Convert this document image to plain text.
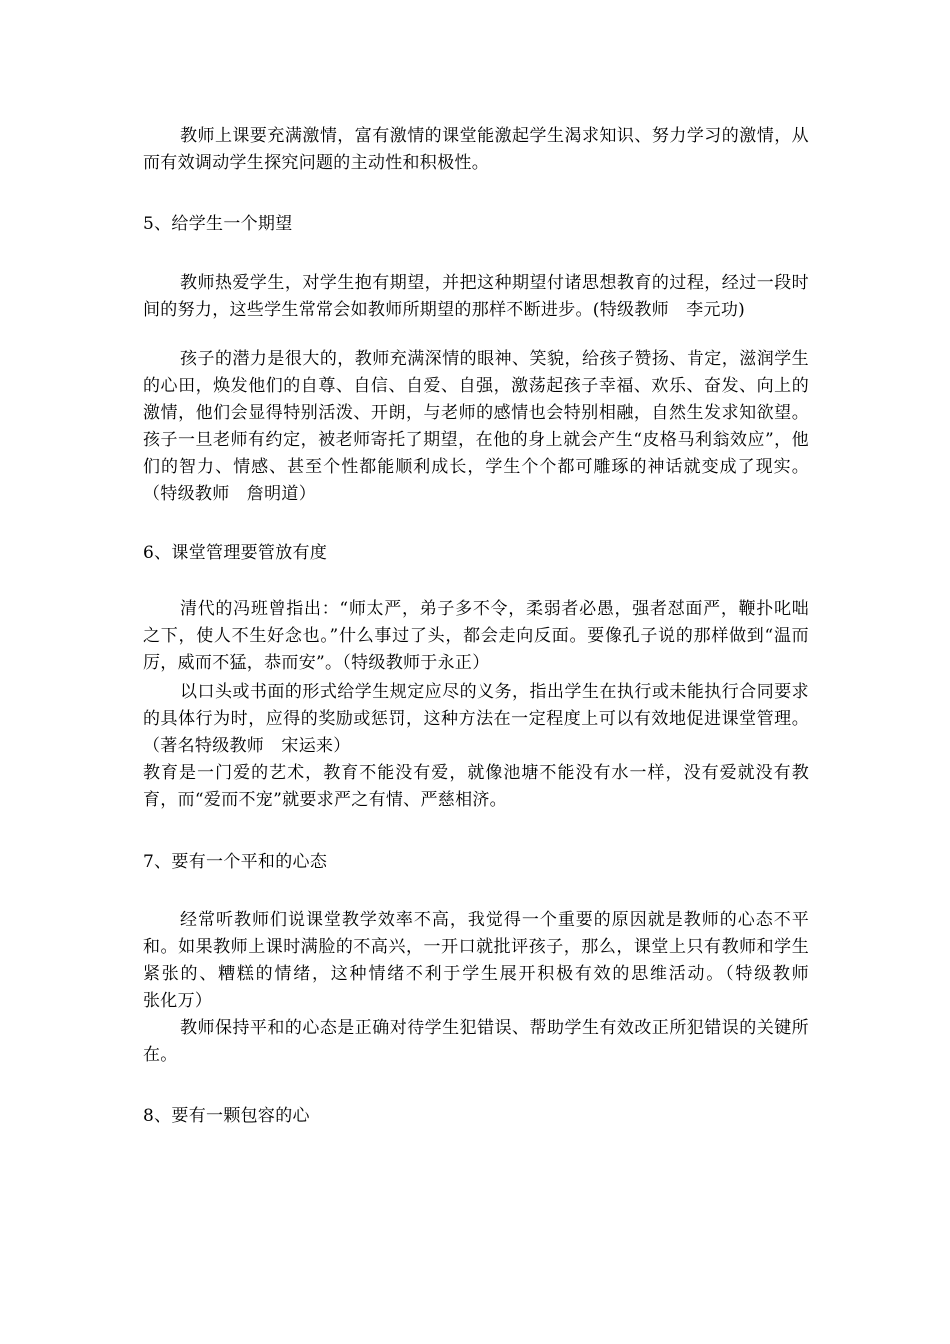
教师上课要充满激情，富有激情的课堂能激起学生渴求知识、努力学习的激情，从而有效调动学生探究问题的主动性和积极性。

5、给学生一个期望

教师热爱学生，对学生抱有期望，并把这种期望付诸思想教育的过程，经过一段时间的努力，这些学生常常会如教师所期望的那样不断进步。(特级教师　李元功)

孩子的潜力是很大的，教师充满深情的眼神、笑貌，给孩子赞扬、肯定，滋润学生的心田，焕发他们的自尊、自信、自爱、自强，激荡起孩子幸福、欢乐、奋发、向上的激情，他们会显得特别活泼、开朗，与老师的感情也会特别相融，自然生发求知欲望。孩子一旦老师有约定，被老师寄托了期望，在他的身上就会产生“皮格马利翁效应”，他们的智力、情感、甚至个性都能顺利成长，学生个个都可雕琢的神话就变成了现实。（特级教师　詹明道）

6、课堂管理要管放有度

清代的冯班曾指出：“师太严，弟子多不令，柔弱者必愚，强者怼面严，鞭扑叱咄之下，使人不生好念也。”什么事过了头，都会走向反面。要像孔子说的那样做到“温而厉，威而不猛，恭而安”。（特级教师于永正）

以口头或书面的形式给学生规定应尽的义务，指出学生在执行或未能执行合同要求的具体行为时，应得的奖励或惩罚，这种方法在一定程度上可以有效地促进课堂管理。（著名特级教师　宋运来）

教育是一门爱的艺术，教育不能没有爱，就像池塘不能没有水一样，没有爱就没有教育，而“爱而不宠”就要求严之有情、严慈相济。

7、要有一个平和的心态

经常听教师们说课堂教学效率不高，我觉得一个重要的原因就是教师的心态不平和。如果教师上课时满脸的不高兴，一开口就批评孩子，那么，课堂上只有教师和学生紧张的、糟糕的情绪，这种情绪不利于学生展开积极有效的思维活动。（特级教师　　张化万）

教师保持平和的心态是正确对待学生犯错误、帮助学生有效改正所犯错误的关键所在。

8、要有一颗包容的心
